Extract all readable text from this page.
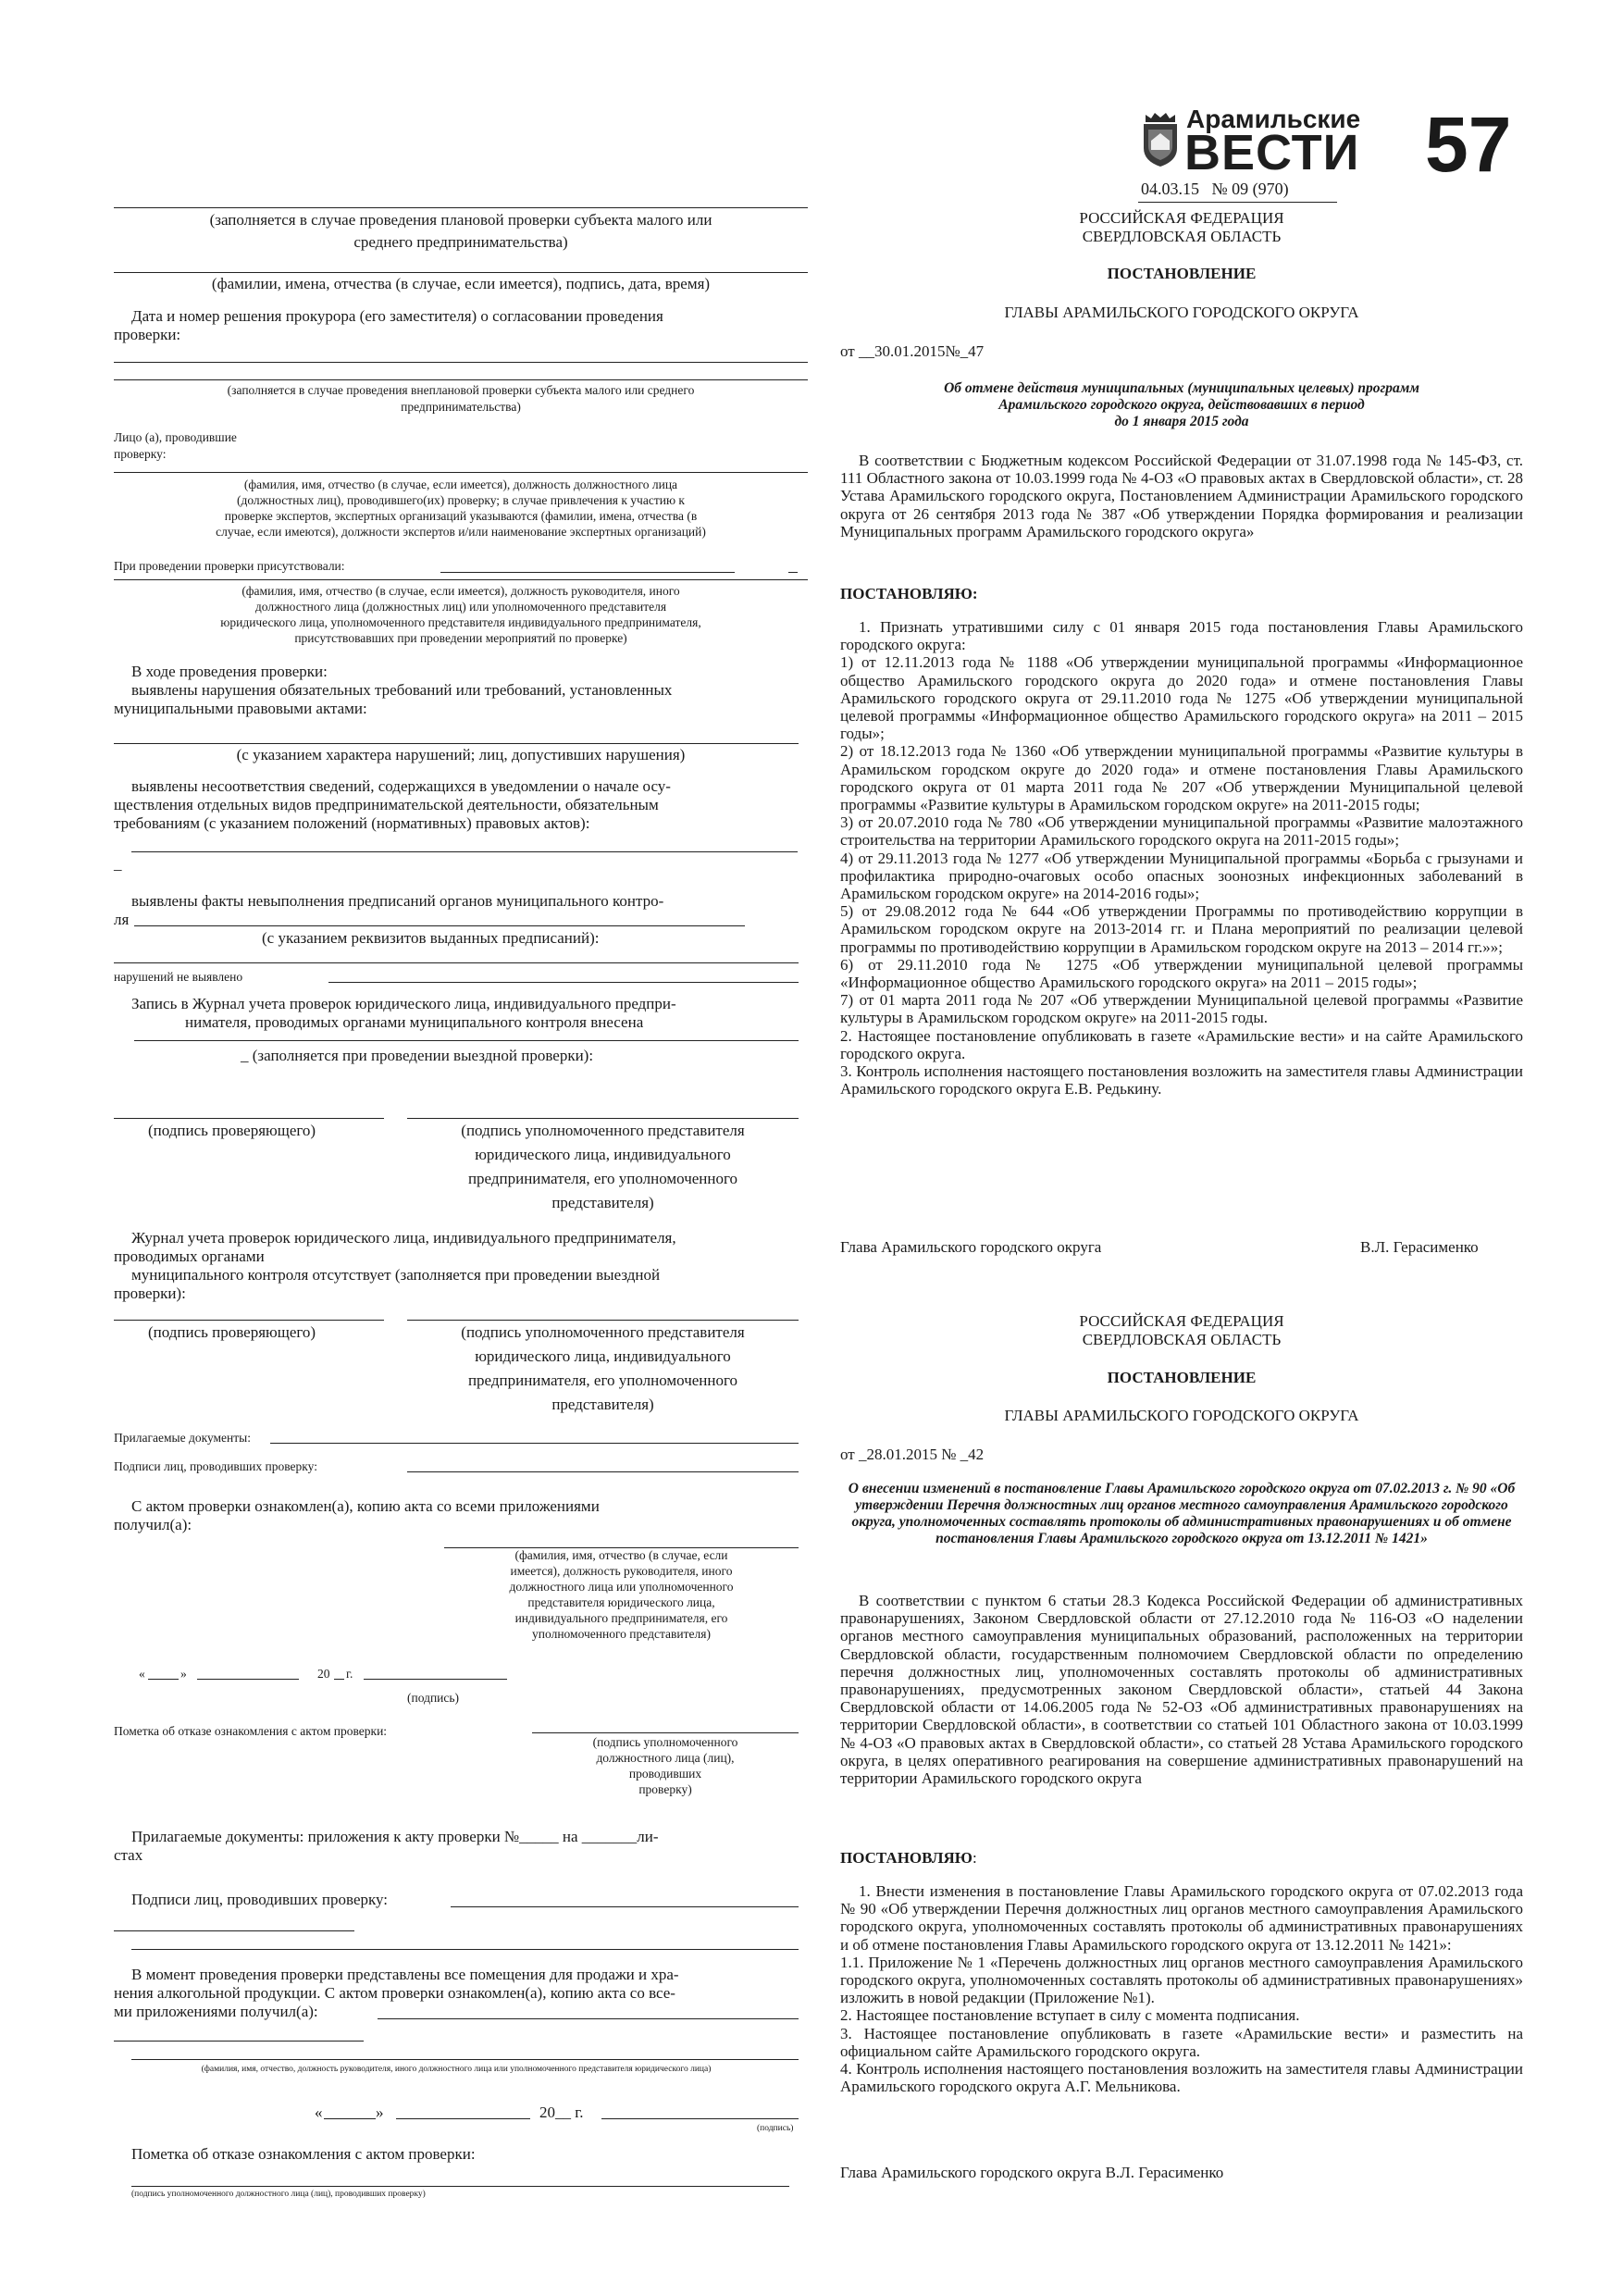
Арамильские
ВЕСТИ 57
04.03.15   № 09 (970)
(заполняется в случае проведения плановой проверки субъекта малого или
среднего предпринимательства)
(фамилии, имена, отчества (в случае, если имеется), подпись, дата, время)
Дата и номер решения прокурора (его заместителя) о согласовании проведения
проверки:
(заполняется в случае проведения внеплановой проверки субъекта малого или среднего
предпринимательства)
Лицо (а), проводившие
проверку:
(фамилия, имя, отчество (в случае, если имеется), должность должностного лица
(должностных лиц), проводившего(их) проверку; в случае привлечения к участию к
проверке экспертов, экспертных организаций указываются (фамилии, имена, отчества (в
случае, если имеются), должности экспертов и/или наименование экспертных организаций)
При проведении проверки присутствовали:
(фамилия, имя, отчество (в случае, если имеется), должность руководителя, иного
должностного лица (должностных лиц) или уполномоченного представителя
юридического лица, уполномоченного представителя индивидуального предпринимателя,
присутствовавших при проведении мероприятий по проверке)
В ходе проведения проверки:
выявлены нарушения обязательных требований или требований, установленных
муниципальными правовыми актами:
(с указанием характера нарушений; лиц, допустивших нарушения)
выявлены несоответствия сведений, содержащихся в уведомлении о начале осу-
ществления отдельных видов предпринимательской деятельности, обязательным
требованиям (с указанием положений (нормативных) правовых актов):
_
выявлены факты невыполнения предписаний органов муниципального контро-
ля
(с указанием реквизитов выданных предписаний):
нарушений не выявлено
Запись в Журнал учета проверок юридического лица, индивидуального предпри-
нимателя, проводимых органами муниципального контроля внесена
_ (заполняется при проведении выездной проверки):
(подпись проверяющего)	(подпись уполномоченного представителя
юридического лица, индивидуального
предпринимателя, его уполномоченного
представителя)
Журнал учета проверок юридического лица, индивидуального предпринимателя,
проводимых органами
муниципального контроля отсутствует (заполняется при проведении выездной
проверки):
(подпись проверяющего)	(подпись уполномоченного представителя
юридического лица, индивидуального
предпринимателя, его уполномоченного
представителя)
Прилагаемые документы:
Подписи лиц, проводивших проверку:
С актом проверки ознакомлен(а), копию акта со всеми приложениями
получил(а):
(фамилия, имя, отчество (в случае, если
имеется), должность руководителя, иного
должностного лица или уполномоченного
представителя юридического лица,
индивидуального предпринимателя, его
уполномоченного представителя)
«	»	20 г.
(подпись)
Пометка об отказе ознакомления с актом проверки:
(подпись уполномоченного
должностного лица (лиц),
проводивших
проверку)
Прилагаемые документы: приложения к акту проверки №_____ на _______ли-
стах
Подписи лиц, проводивших проверку:
В момент проведения проверки представлены все помещения для продажи и хра-
нения алкогольной продукции. С актом проверки ознакомлен(а), копию акта со все-
ми приложениями получил(а):
(фамилия, имя, отчество, должность руководителя, иного должностного лица или уполномоченного представителя юридического лица)
«	»	20__ г.
(подпись)
Пометка об отказе ознакомления с актом проверки:
(подпись уполномоченного должностного лица (лиц), проводивших проверку)
РОССИЙСКАЯ ФЕДЕРАЦИЯ
СВЕРДЛОВСКАЯ ОБЛАСТЬ
ПОСТАНОВЛЕНИЕ
ГЛАВЫ АРАМИЛЬСКОГО ГОРОДСКОГО ОКРУГА
от __30.01.2015№_47
Об отмене действия муниципальных (муниципальных целевых) программ
Арамильского городского округа, действовавших в период
до 1 января 2015 года
В соответствии с Бюджетным кодексом Российской Федерации от 31.07.1998 года № 145-ФЗ, ст. 111 Областного закона от 10.03.1999 года № 4-ОЗ «О правовых актах в Свердловской области», ст. 28 Устава Арамильского городского округа, Постановлением Администрации Арамильского городского округа от 26 сентября 2013 года № 387 «Об утверждении Порядка формирования и реализации Муниципальных программ Арамильского городского округа»
ПОСТАНОВЛЯЮ:
1. Признать утратившими силу с 01 января 2015 года постановления Главы Арамильского городского округа:
1) от 12.11.2013 года № 1188 «Об утверждении муниципальной программы «Информационное общество Арамильского городского округа до 2020 года» и отмене постановления Главы Арамильского городского округа от 29.11.2010 года № 1275 «Об утверждении муниципальной целевой программы «Информационное общество Арамильского городского округа» на 2011 – 2015 годы»;
2) от 18.12.2013 года № 1360 «Об утверждении муниципальной программы «Развитие культуры в Арамильском городском округе до 2020 года» и отмене постановления Главы Арамильского городского округа от 01 марта 2011 года № 207 «Об утверждении Муниципальной целевой программы «Развитие культуры в Арамильском городском округе» на 2011-2015 годы;
3) от 20.07.2010 года № 780 «Об утверждении муниципальной программы «Развитие малоэтажного строительства на территории Арамильского городского округа на 2011-2015 годы»;
4) от 29.11.2013 года № 1277 «Об утверждении Муниципальной программы «Борьба с грызунами и профилактика природно-очаговых особо опасных зоонозных инфекционных заболеваний в Арамильском городском округе» на 2014-2016 годы»;
5) от 29.08.2012 года № 644 «Об утверждении Программы по противодействию коррупции в Арамильском городском округе на 2013-2014 гг. и Плана мероприятий по реализации целевой программы по противодействию коррупции в Арамильском городском округе на 2013 – 2014 гг.»»;
6) от 29.11.2010 года № 1275 «Об утверждении муниципальной целевой программы «Информационное общество Арамильского городского округа» на 2011 – 2015 годы»;
7) от 01 марта 2011 года № 207 «Об утверждении Муниципальной целевой программы «Развитие культуры в Арамильском городском округе» на 2011-2015 годы.
2. Настоящее постановление опубликовать в газете «Арамильские вести» и на сайте Арамильского городского округа.
3. Контроль исполнения настоящего постановления возложить на заместителя главы Администрации Арамильского городского округа Е.В. Редькину.
Глава Арамильского городского округа	В.Л. Герасименко
РОССИЙСКАЯ ФЕДЕРАЦИЯ
СВЕРДЛОВСКАЯ ОБЛАСТЬ
ПОСТАНОВЛЕНИЕ
ГЛАВЫ АРАМИЛЬСКОГО ГОРОДСКОГО ОКРУГА
от _28.01.2015 № _42
О внесении изменений в постановление Главы Арамильского городского округа от 07.02.2013 г. № 90 «Об утверждении Перечня должностных лиц органов местного самоуправления Арамильского городского округа, уполномоченных составлять протоколы об административных правонарушениях и об отмене постановления Главы Арамильского городского округа от 13.12.2011 № 1421»
В соответствии с пунктом 6 статьи 28.3 Кодекса Российской Федерации об административных правонарушениях, Законом Свердловской области от 27.12.2010 года № 116-ОЗ «О наделении органов местного самоуправления муниципальных образований, расположенных на территории Свердловской области, государственным полномочием Свердловской области по определению перечня должностных лиц, уполномоченных составлять протоколы об административных правонарушениях, предусмотренных законом Свердловской области», статьей 44 Закона Свердловской области от 14.06.2005 года № 52-ОЗ «Об административных правонарушениях на территории Свердловской области», в соответствии со статьей 101 Областного закона от 10.03.1999 № 4-ОЗ «О правовых актах в Свердловской области», со статьей 28 Устава Арамильского городского округа, в целях оперативного реагирования на совершение административных правонарушений на территории Арамильского городского округа
ПОСТАНОВЛЯЮ:
1. Внести изменения в постановление Главы Арамильского городского округа от 07.02.2013 года № 90 «Об утверждении Перечня должностных лиц органов местного самоуправления Арамильского городского округа, уполномоченных составлять протоколы об административных правонарушениях и об отмене постановления Главы Арамильского городского округа от 13.12.2011 № 1421»:
1.1. Приложение № 1 «Перечень должностных лиц органов местного самоуправления Арамильского городского округа, уполномоченных составлять протоколы об административных правонарушениях» изложить в новой редакции (Приложение №1).
2. Настоящее постановление вступает в силу с момента подписания.
3. Настоящее постановление опубликовать в газете «Арамильские вести» и разместить на официальном сайте Арамильского городского округа.
4. Контроль исполнения настоящего постановления возложить на заместителя главы Администрации Арамильского городского округа А.Г. Мельникова.
Глава Арамильского городского округа В.Л. Герасименко
